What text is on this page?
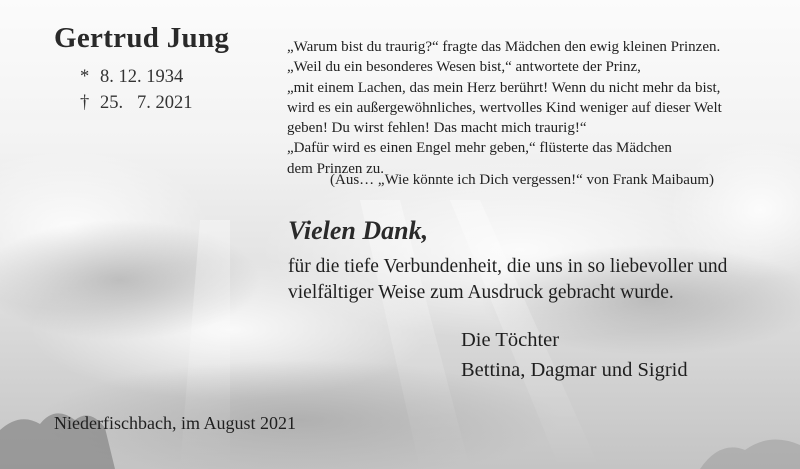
Gertrud Jung
* 8. 12. 1934
† 25.   7. 2021
„Warum bist du traurig?“ fragte das Mädchen den ewig kleinen Prinzen.
„Weil du ein besonderes Wesen bist,“ antwortete der Prinz,
„mit einem Lachen, das mein Herz berührt! Wenn du nicht mehr da bist,
wird es ein außergewöhnliches, wertvolles Kind weniger auf dieser Welt
geben! Du wirst fehlen! Das macht mich traurig!“
„Dafür wird es einen Engel mehr geben,“ flüsterte das Mädchen
dem Prinzen zu.
(Aus… „Wie könnte ich Dich vergessen!“ von Frank Maibaum)
Vielen Dank,
für die tiefe Verbundenheit, die uns in so liebevoller und
vielfältiger Weise zum Ausdruck gebracht wurde.
Die Töchter
Bettina, Dagmar und Sigrid
Niederfischbach, im August 2021
